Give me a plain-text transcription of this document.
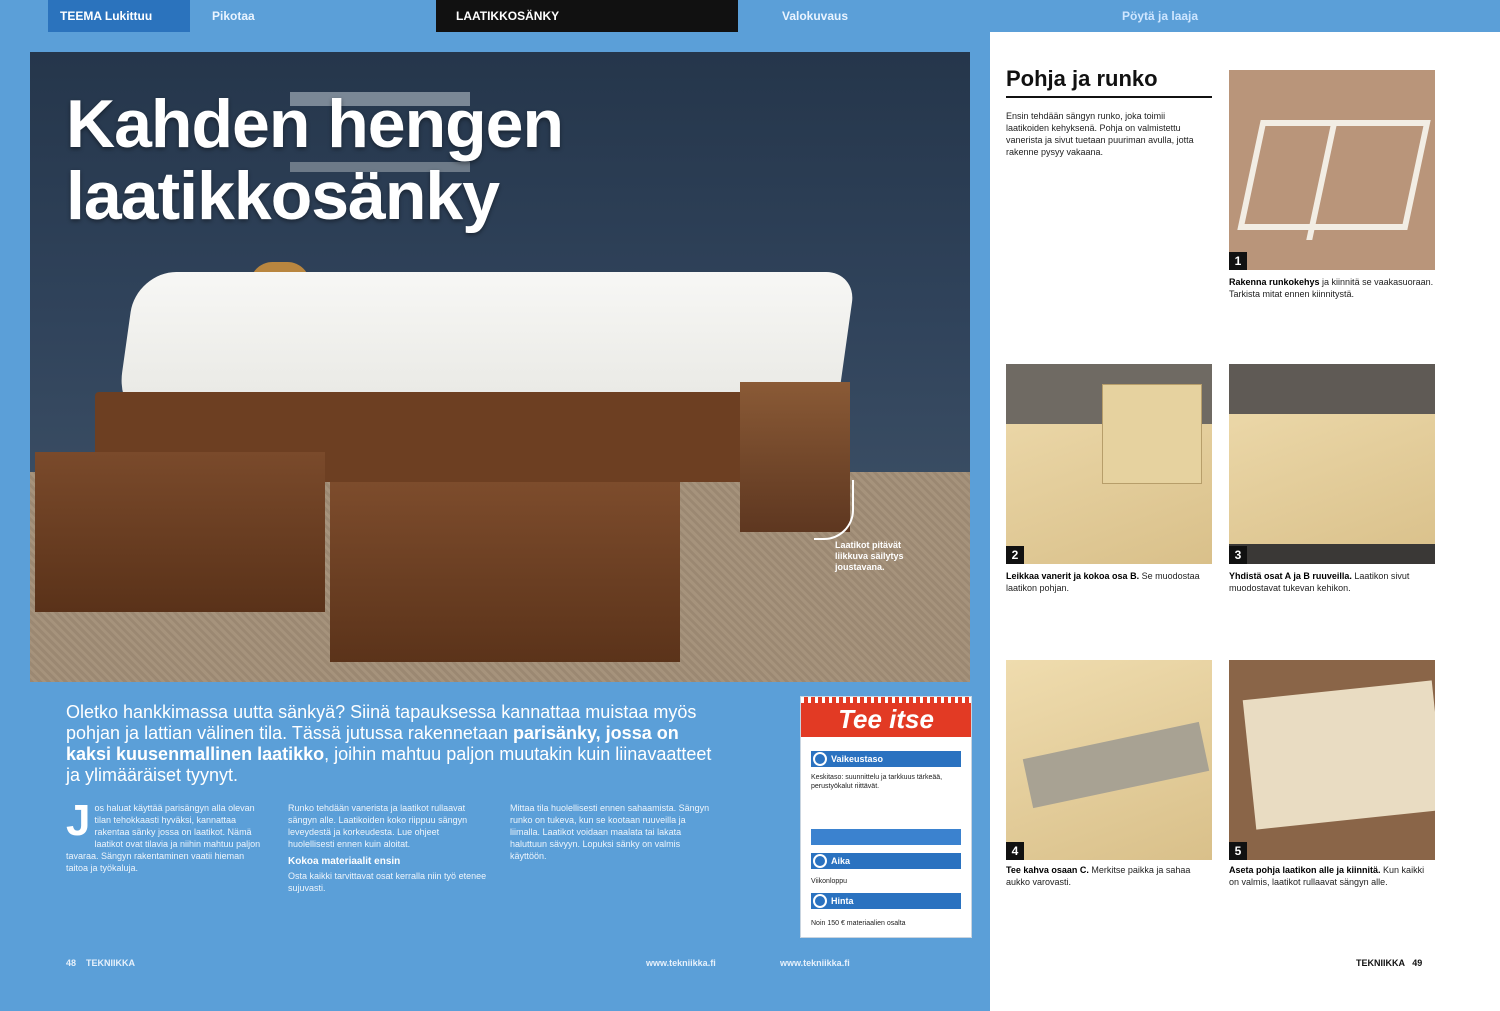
TEEMA Lukittuu	Pikotaa	LAATIKKOSÄNKY	Valokuvaus	Pöytä ja laaja
Kahden hengen
laatikkosänky
Laatikot pitävät liikkuva säilytys joustavana.
Oletko hankkimassa uutta sänkyä? Siinä tapauksessa kannattaa muistaa myös pohjan ja lattian välinen tila. Tässä jutussa rakennetaan parisänky, jossa on kaksi kuusenmallinen laatikko, joihin mahtuu paljon muutakin kuin liinavaatteet ja ylimääräiset tyynyt.
Jos haluat käyttää parisängyn alla olevan tilan tehokkaasti hyväksi, kannattaa rakentaa sänky jossa on laatikot. Nämä laatikot ovat tilavia ja niihin mahtuu paljon tavaraa. Sängyn rakentaminen vaatii hieman taitoa ja työkaluja.
Runko tehdään vanerista ja laatikot rullaavat sängyn alle. Laatikoiden koko riippuu sängyn leveydestä ja korkeudesta. Lue ohjeet huolellisesti ennen kuin aloitat.
Kokoa materiaalit ensin
Osta kaikki tarvittavat osat kerralla niin työ etenee sujuvasti.
Mittaa tila huolellisesti ennen sahaamista. Sängyn runko on tukeva, kun se kootaan ruuveilla ja liimalla. Laatikot voidaan maalata tai lakata haluttuun sävyyn. Lopuksi sänky on valmis käyttöön.
Tee itse
Vaikeustaso
Keskitaso: suunnittelu ja tarkkuus tärkeää, perustyökalut riittävät.
Aika
Viikonloppu
Hinta
Noin 150 € materiaalien osalta
48 TEKNIIKKA	www.tekniikka.fi	www.tekniikka.fi
Pohja ja runko
Ensin tehdään sängyn runko, joka toimii laatikoiden kehyksenä. Pohja on valmistettu vanerista ja sivut tuetaan puuriman avulla, jotta rakenne pysyy vakaana.
1
Rakenna runkokehys ja kiinnitä se vaakasuoraan. Tarkista mitat ennen kiinnitystä.
2
Leikkaa vanerit ja kokoa osa B. Se muodostaa laatikon pohjan.
3
Yhdistä osat A ja B ruuveilla. Laatikon sivut muodostavat tukevan kehikon.
4
Tee kahva osaan C. Merkitse paikka ja sahaa aukko varovasti.
5
Aseta pohja laatikon alle ja kiinnitä. Kun kaikki on valmis, laatikot rullaavat sängyn alle.
TEKNIIKKA 49
